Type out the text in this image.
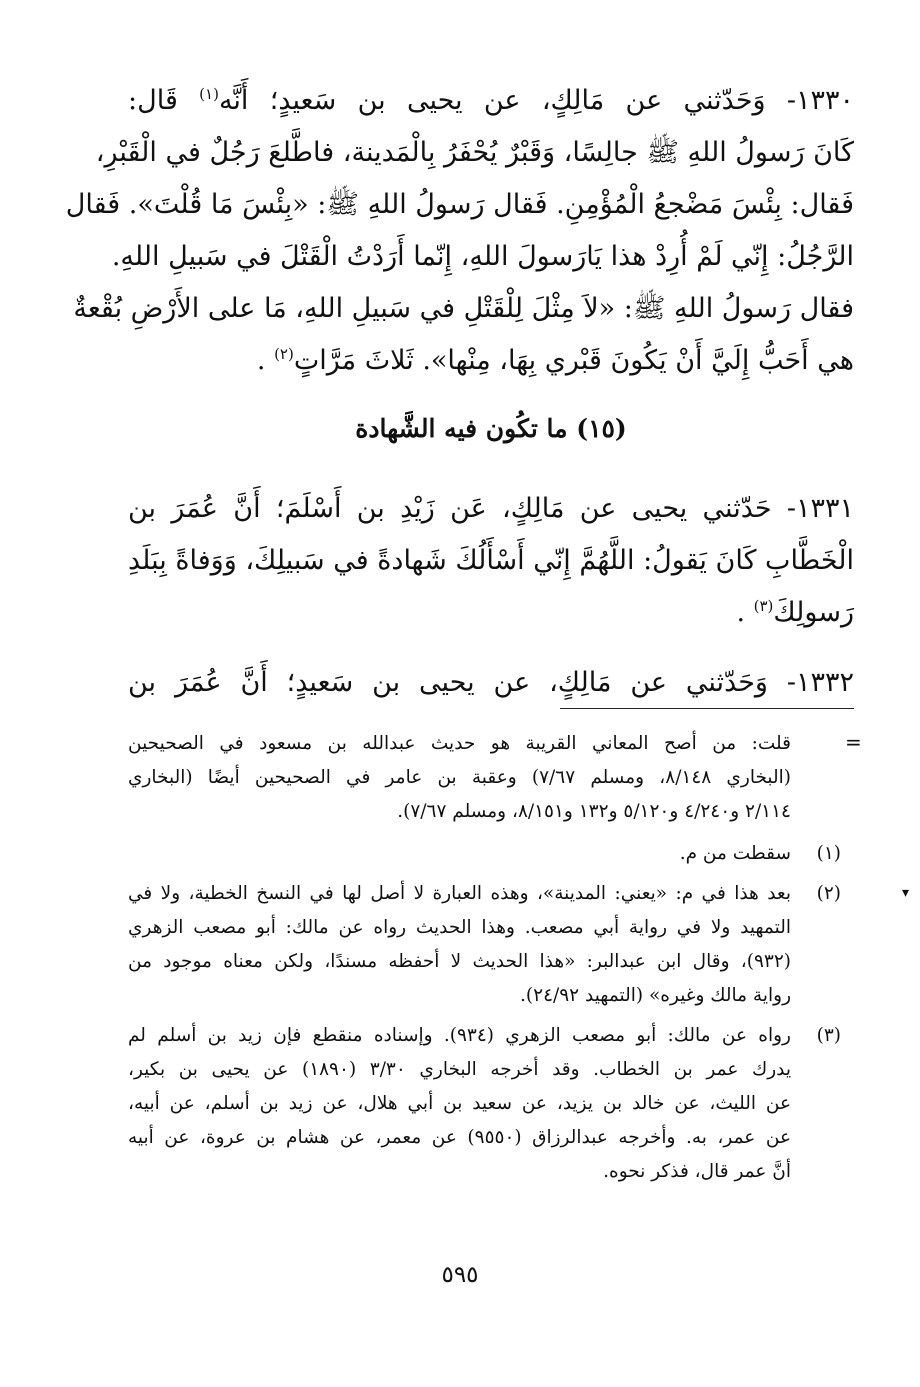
١٣٣٠- وَحَدّثني عن مَالِكٍ، عن يحيى بن سَعيدٍ؛ أَنَّه$^{(١)}$ قَال:
كَانَ رَسولُ اللهِ ﷺ جالِسًا، وَقَبْرٌ يُحْفَرُ بِالْمَدينة، فاطَّلعَ رَجُلٌ في الْقَبْرِ،
فَقال: بِئْسَ مَضْجعُ الْمُؤْمِنِ. فَقال رَسولُ اللهِ ﷺ: «بِئْسَ مَا قُلْتَ». فَقال
الرَّجُلُ: إِنّي لَمْ أُرِدْ هذا يَارَسولَ اللهِ، إِنّما أَرَدْتُ الْقَتْلَ في سَبيلِ اللهِ.
فقال رَسولُ اللهِ ﷺ: «لاَ مِثْلَ لِلْقَتْلِ في سَبيلِ اللهِ، مَا على الأَرْضِ بُقْعةٌ
هي أَحَبُّ إِلَيَّ أَنْ يَكُونَ قَبْري بِهَا، مِنْها». ثَلاثَ مَرَّاتٍ$^{(٢)}$ .
(١٥) ما تكُون فيه الشَّهادة
١٣٣١- حَدّثني يحيى عن مَالِكٍ، عَن زَيْدِ بن أَسْلَمَ؛ أَنَّ عُمَرَ بن
الْخَطَّابِ كَانَ يَقولُ: اللَّهُمَّ إِنّي أَسْأَلُكَ شَهادةً في سَبيلِكَ، وَوَفاةً بِبَلَدِ
رَسولِكَ$^{(٣)}$ .
١٣٣٢- وَحَدّثني عن مَالِكٍ، عن يحيى بن سَعيدٍ؛ أَنَّ عُمَرَ بن
=
▾
قلت: من أصح المعاني القريبة هو حديث عبدالله بن مسعود في الصحيحين
(البخاري ٨/١٤٨، ومسلم ٧/٦٧) وعقبة بن عامر في الصحيحين أيضًا (البخاري
٢/١١٤ و٤/٢٤٠ و٥/١٢٠ و١٣٢ و٨/١٥١، ومسلم ٧/٦٧).
(١)
سقطت من م.
(٢)
بعد هذا في م: «يعني: المدينة»، وهذه العبارة لا أصل لها في النسخ الخطية، ولا في
التمهيد ولا في رواية أبي مصعب. وهذا الحديث رواه عن مالك: أبو مصعب الزهري
(٩٣٢)، وقال ابن عبدالبر: «هذا الحديث لا أحفظه مسندًا، ولكن معناه موجود من
رواية مالك وغيره» (التمهيد ٢٤/٩٢).
(٣)
رواه عن مالك: أبو مصعب الزهري (٩٣٤). وإسناده منقطع فإن زيد بن أسلم لم
يدرك عمر بن الخطاب. وقد أخرجه البخاري ٣/٣٠ (١٨٩٠) عن يحيى بن بكير،
عن الليث، عن خالد بن يزيد، عن سعيد بن أبي هلال، عن زيد بن أسلم، عن أبيه،
عن عمر، به. وأخرجه عبدالرزاق (٩٥٥٠) عن معمر، عن هشام بن عروة، عن أبيه
أنَّ عمر قال، فذكر نحوه.
٥٩٥
